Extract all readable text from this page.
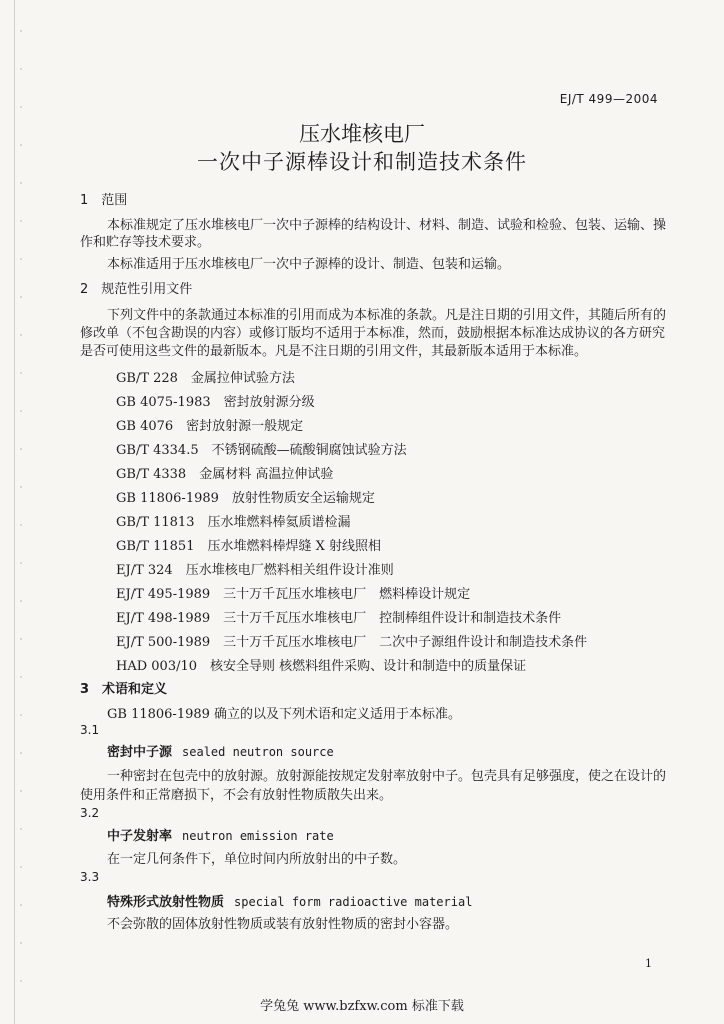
EJ/T 499—2004
压水堆核电厂
一次中子源棒设计和制造技术条件
1　范围
本标准规定了压水堆核电厂一次中子源棒的结构设计、材料、制造、试验和检验、包装、运输、操
作和贮存等技术要求。
本标准适用于压水堆核电厂一次中子源棒的设计、制造、包装和运输。
2　规范性引用文件
下列文件中的条款通过本标准的引用而成为本标准的条款。凡是注日期的引用文件，其随后所有的
修改单（不包含勘误的内容）或修订版均不适用于本标准，然而，鼓励根据本标准达成协议的各方研究
是否可使用这些文件的最新版本。凡是不注日期的引用文件，其最新版本适用于本标准。
GB/T 228　金属拉伸试验方法
GB 4075-1983　密封放射源分级
GB 4076　密封放射源一般规定
GB/T 4334.5　不锈钢硫酸—硫酸铜腐蚀试验方法
GB/T 4338　金属材料 高温拉伸试验
GB 11806-1989　放射性物质安全运输规定
GB/T 11813　压水堆燃料棒氦质谱检漏
GB/T 11851　压水堆燃料棒焊缝 X 射线照相
EJ/T 324　压水堆核电厂燃料相关组件设计准则
EJ/T 495-1989　三十万千瓦压水堆核电厂　燃料棒设计规定
EJ/T 498-1989　三十万千瓦压水堆核电厂　控制棒组件设计和制造技术条件
EJ/T 500-1989　三十万千瓦压水堆核电厂　二次中子源组件设计和制造技术条件
HAD 003/10　核安全导则 核燃料组件采购、设计和制造中的质量保证
3　术语和定义
GB 11806-1989 确立的以及下列术语和定义适用于本标准。
3.1
密封中子源 sealed neutron source
一种密封在包壳中的放射源。放射源能按规定发射率放射中子。包壳具有足够强度，使之在设计的
使用条件和正常磨损下，不会有放射性物质散失出来。
3.2
中子发射率 neutron emission rate
在一定几何条件下，单位时间内所放射出的中子数。
3.3
特殊形式放射性物质 special form radioactive material
不会弥散的固体放射性物质或装有放射性物质的密封小容器。
1
学兔兔 www.bzfxw.com 标准下载
